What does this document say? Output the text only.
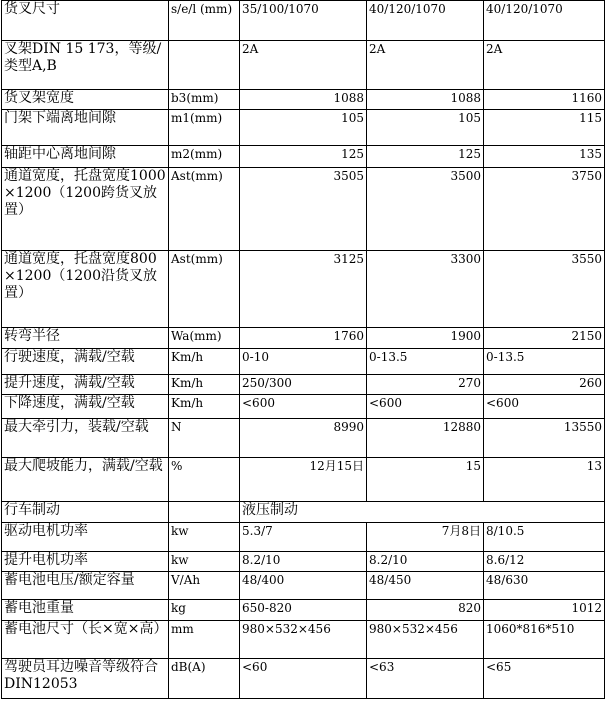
货叉尺寸	s/e/l (mm)	35/100/1070	40/120/1070	40/120/1070
叉架DIN 15 173，等级/类型A,B		2A	2A	2A
货叉架宽度	b3(mm)	1088	1088	1160
门架下端离地间隙	m1(mm)	105	105	115
轴距中心离地间隙	m2(mm)	125	125	135
通道宽度，托盘宽度1000×1200（1200跨货叉放置）	Ast(mm)	3505	3500	3750
通道宽度，托盘宽度800×1200（1200沿货叉放置）	Ast(mm)	3125	3300	3550
转弯半径	Wa(mm)	1760	1900	2150
行驶速度，满载/空载	Km/h	0-10	0-13.5	0-13.5
提升速度，满载/空载	Km/h	250/300	270	260
下降速度，满载/空载	Km/h	<600	<600	<600
最大牵引力，装载/空载	N	8990	12880	13550
最大爬坡能力，满载/空载	%	12月15日	15	13
行车制动		液压制动		
驱动电机功率	kw	5.3/7	7月8日	8/10.5
提升电机功率	kw	8.2/10	8.2/10	8.6/12
蓄电池电压/额定容量	V/Ah	48/400	48/450	48/630
蓄电池重量	kg	650-820	820	1012
蓄电池尺寸（长×宽×高）	mm	980×532×456	980×532×456	1060*816*510
驾驶员耳边噪音等级符合DIN12053	dB(A)	<60	<63	<65
